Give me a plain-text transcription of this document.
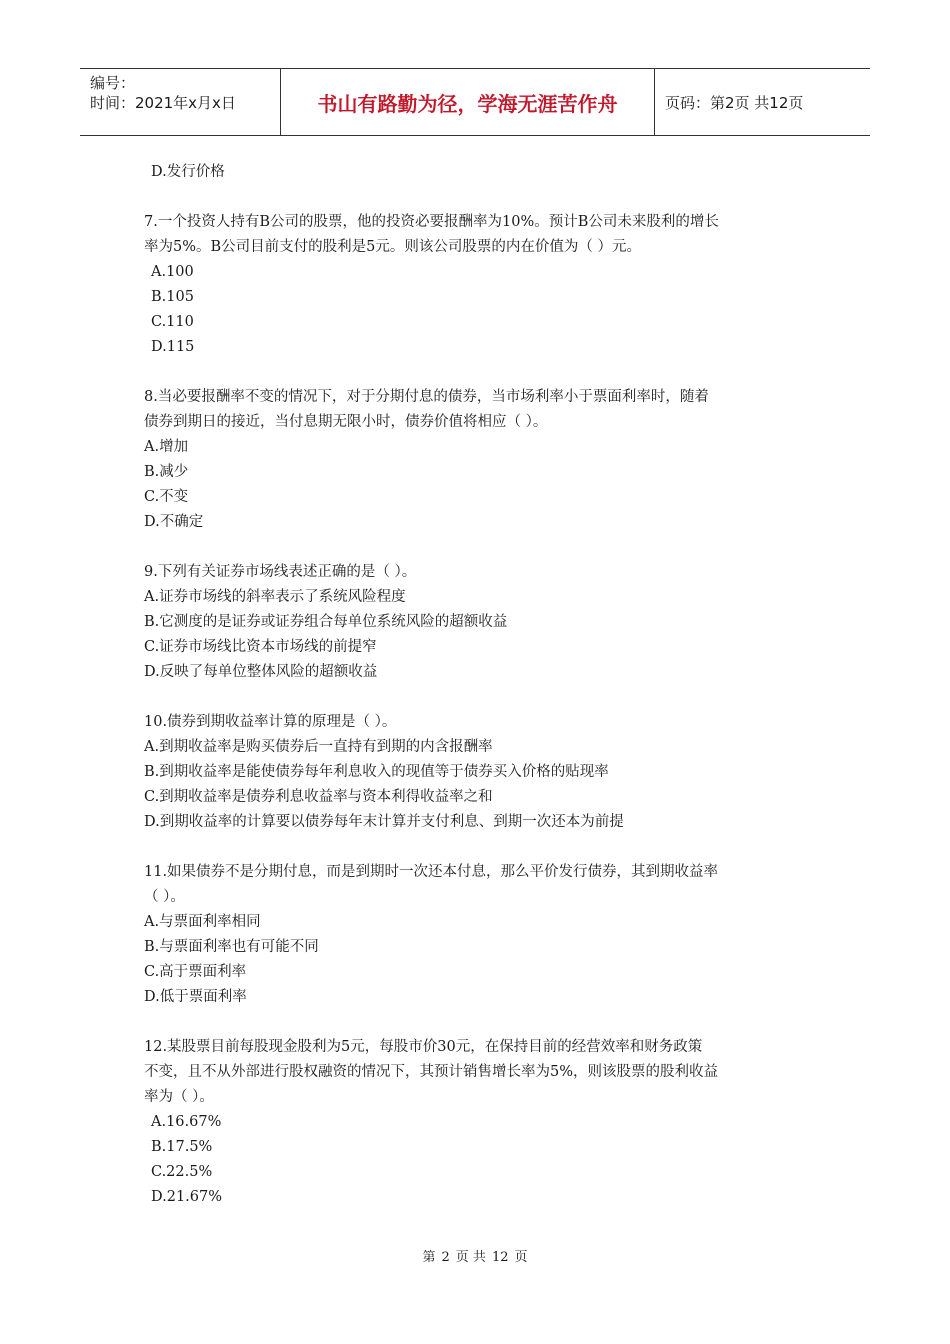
编号：
时间：2021年x月x日	书山有路勤为径，学海无涯苦作舟	页码：第2页 共12页
D.发行价格
7.一个投资人持有B公司的股票，他的投资必要报酬率为10%。预计B公司未来股利的增长
率为5%。B公司目前支付的股利是5元。则该公司股票的内在价值为（ ）元。
A.100
B.105
C.110
D.115
8.当必要报酬率不变的情况下，对于分期付息的债券，当市场利率小于票面利率时，随着
债券到期日的接近，当付息期无限小时，债券价值将相应（ ）。
A.增加
B.减少
C.不变
D.不确定
9.下列有关证券市场线表述正确的是（ ）。
A.证券市场线的斜率表示了系统风险程度
B.它测度的是证券或证券组合每单位系统风险的超额收益
C.证券市场线比资本市场线的前提窄
D.反映了每单位整体风险的超额收益
10.债券到期收益率计算的原理是（ ）。
A.到期收益率是购买债券后一直持有到期的内含报酬率
B.到期收益率是能使债券每年利息收入的现值等于债券买入价格的贴现率
C.到期收益率是债券利息收益率与资本利得收益率之和
D.到期收益率的计算要以债券每年末计算并支付利息、到期一次还本为前提
11.如果债券不是分期付息，而是到期时一次还本付息，那么平价发行债券，其到期收益率
（ ）。
A.与票面利率相同
B.与票面利率也有可能不同
C.高于票面利率
D.低于票面利率
12.某股票目前每股现金股利为5元，每股市价30元，在保持目前的经营效率和财务政策
不变，且不从外部进行股权融资的情况下，其预计销售增长率为5%，则该股票的股利收益
率为（ ）。
A.16.67%
B.17.5%
C.22.5%
D.21.67%
第 2 页 共 12 页
